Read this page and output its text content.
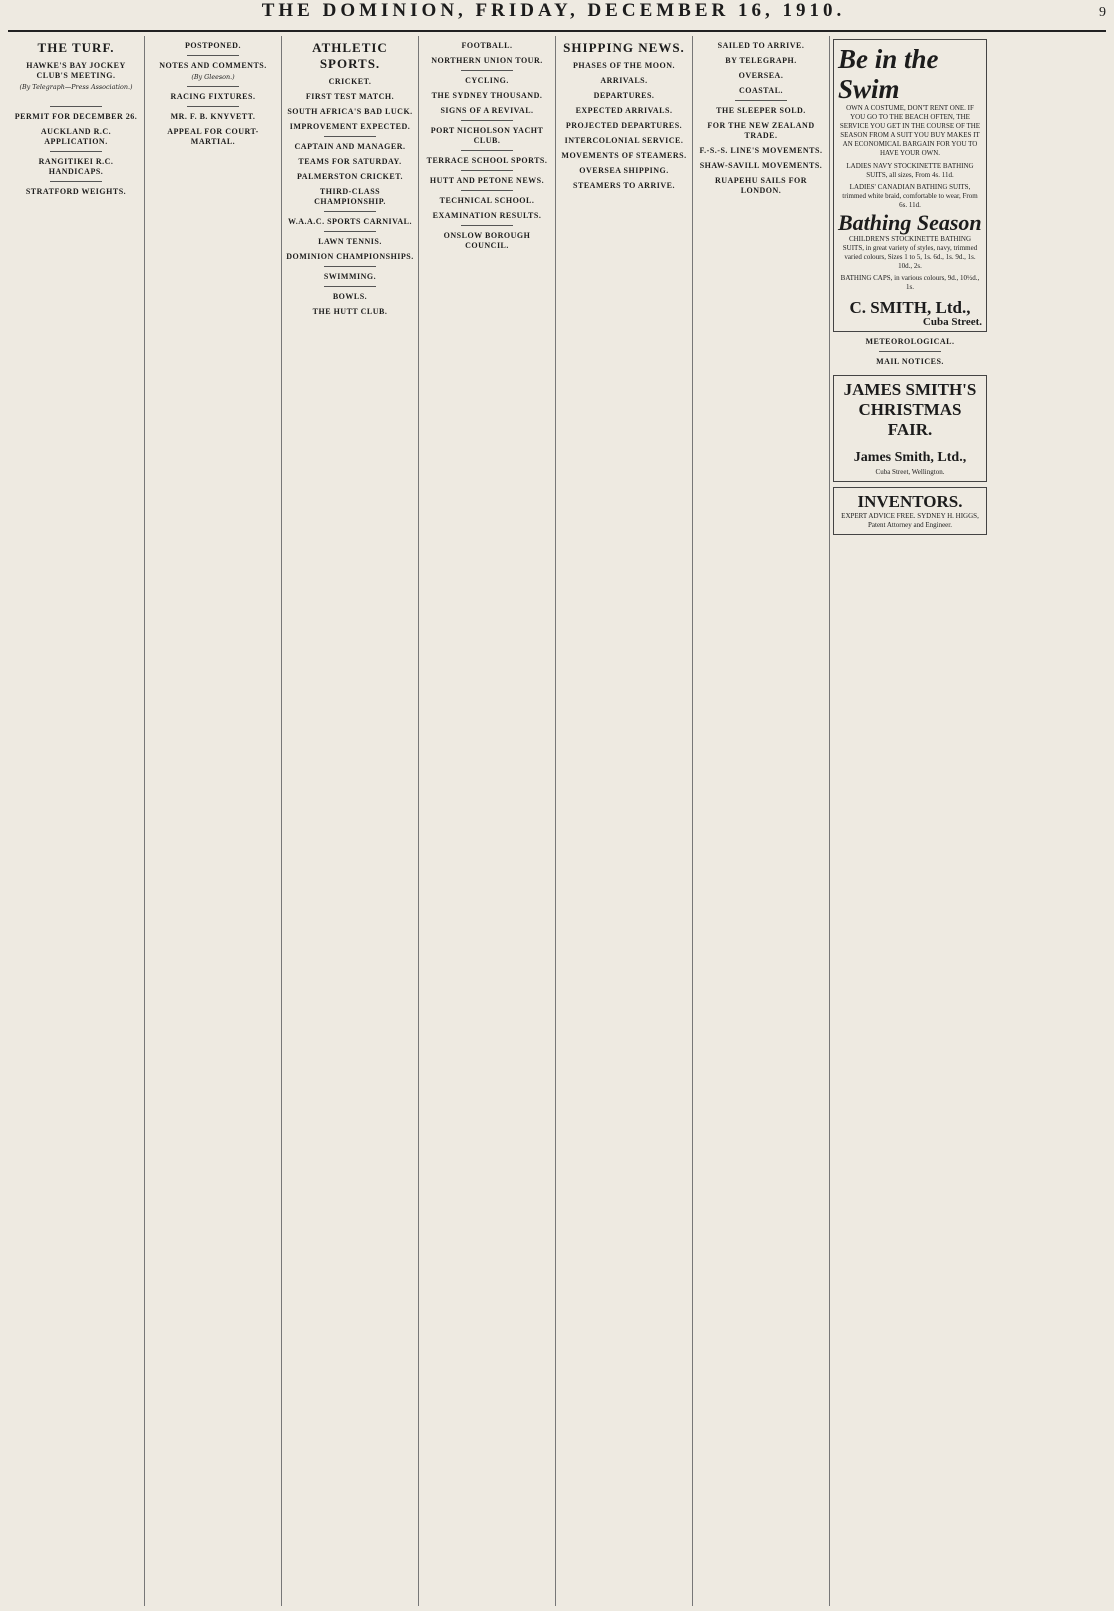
THE DOMINION, FRIDAY, DECEMBER 16, 1910.	9
THE TURF.
HAWKE'S BAY JOCKEY CLUB'S MEETING.
(By Telegraph—Press Association.)

PERMIT FOR DECEMBER 26.
AUCKLAND R.C. APPLICATION.
RANGITIKEI R.C. HANDICAPS.
STRATFORD WEIGHTS.
POSTPONED.
NOTES AND COMMENTS.
(By Gleeson.)
RACING FIXTURES.
MR. F. B. KNYVETT.
APPEAL FOR COURT-MARTIAL.
ATHLETIC SPORTS.
CRICKET.
FIRST TEST MATCH.
SOUTH AFRICA'S BAD LUCK.
IMPROVEMENT EXPECTED.
CAPTAIN AND MANAGER.
TEAMS FOR SATURDAY.
PALMERSTON CRICKET.
THIRD-CLASS CHAMPIONSHIP.
W.A.A.C. SPORTS CARNIVAL.
LAWN TENNIS.
DOMINION CHAMPIONSHIPS.
SWIMMING.
BOWLS.
THE HUTT CLUB.
FOOTBALL.
NORTHERN UNION TOUR.
CYCLING.
THE SYDNEY THOUSAND.
SIGNS OF A REVIVAL.
PORT NICHOLSON YACHT CLUB.
TERRACE SCHOOL SPORTS.
HUTT AND PETONE NEWS.
TECHNICAL SCHOOL.
EXAMINATION RESULTS.
ONSLOW BOROUGH COUNCIL.
SHIPPING NEWS.
PHASES OF THE MOON.
ARRIVALS.
DEPARTURES.
EXPECTED ARRIVALS.
PROJECTED DEPARTURES.
INTERCOLONIAL SERVICE.
MOVEMENTS OF STEAMERS.
OVERSEA SHIPPING.
STEAMERS TO ARRIVE.
SAILED TO ARRIVE.
BY TELEGRAPH.
OVERSEA.
COASTAL.
THE SLEEPER SOLD.
FOR THE NEW ZEALAND TRADE.
F.-S.-S. LINE'S MOVEMENTS.
SHAW-SAVILL MOVEMENTS.
RUAPEHU SAILS FOR LONDON.
Be in the Swim
OWN A COSTUME, DON'T RENT ONE. IF YOU GO TO THE BEACH OFTEN, THE SERVICE YOU GET IN THE COURSE OF THE SEASON FROM A SUIT YOU BUY MAKES IT AN ECONOMICAL BARGAIN FOR YOU TO HAVE YOUR OWN.
LADIES NAVY STOCKINETTE BATHING SUITS, all sizes, From 4s. 11d.
LADIES' CANADIAN BATHING SUITS, trimmed white braid, comfortable to wear, From 6s. 11d.
Bathing Season
CHILDREN'S STOCKINETTE BATHING SUITS, in great variety of styles, navy, trimmed varied colours, Sizes 1 to 5, 1s. 6d., 1s. 9d., 1s. 10d., 2s.
BATHING CAPS, in various colours, 9d., 10½d., 1s.
C. SMITH, Ltd.,
Cuba Street.
METEOROLOGICAL.
MAIL NOTICES.
JAMES SMITH'S CHRISTMAS FAIR.
James Smith, Ltd.,
Cuba Street, Wellington.
INVENTORS.
EXPERT ADVICE FREE. SYDNEY H. HIGGS, Patent Attorney and Engineer.
